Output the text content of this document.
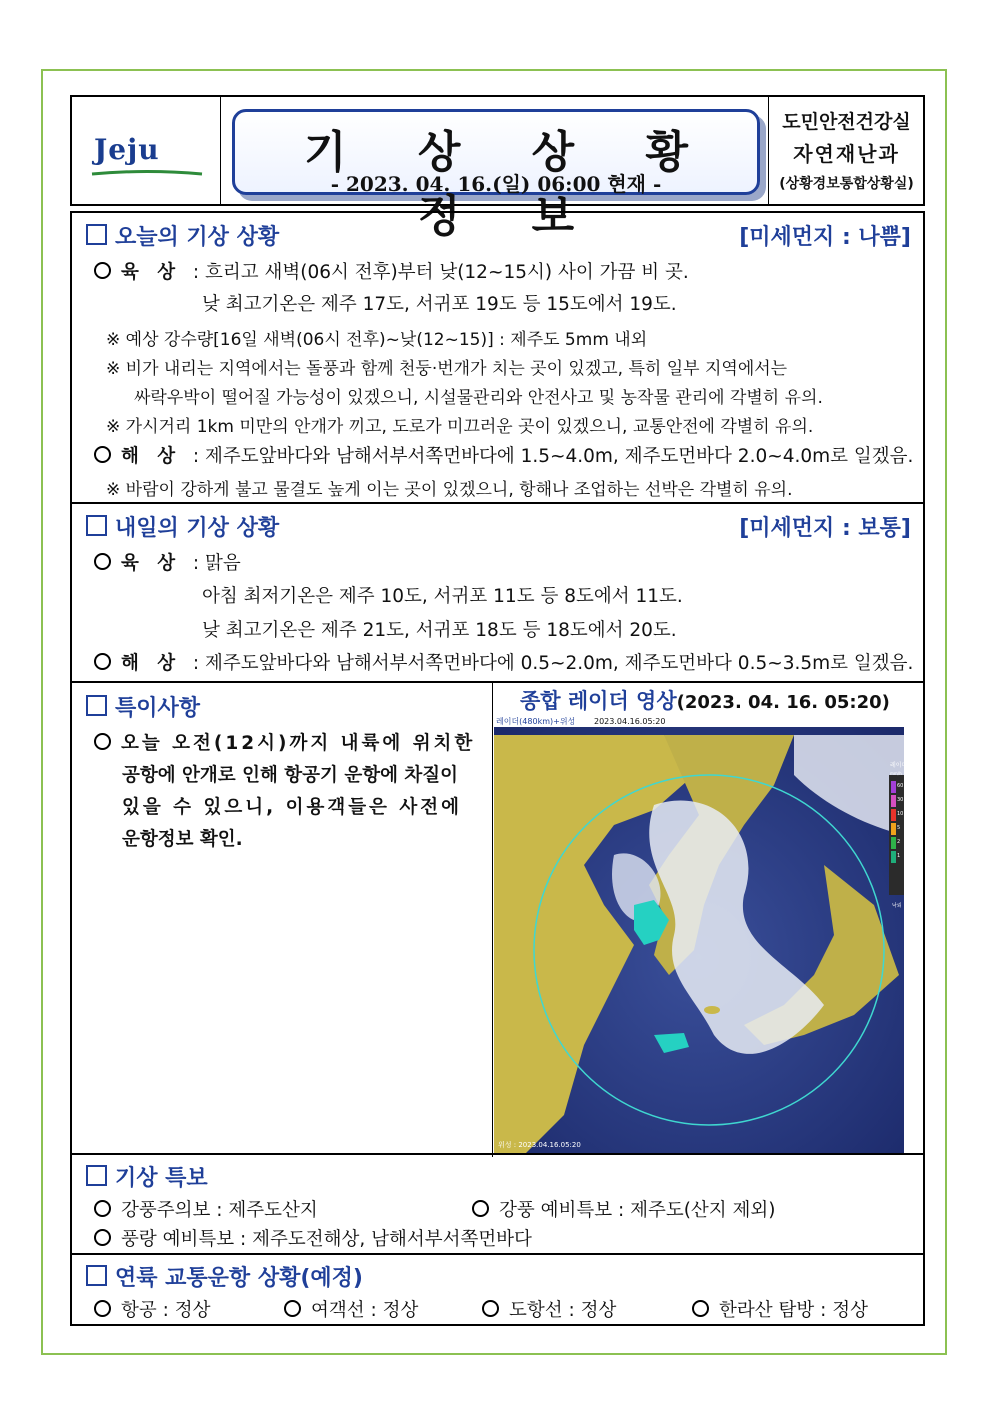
Jeju	기 상 상 황 정 보
- 2023. 04. 16.(일) 06:00 현재 -
도민안전건강실
자연재난과
(상황경보통합상황실)
오늘의 기상 상황	[미세먼지 : 나쁨]
육 상 : 흐리고 새벽(06시 전후)부터 낮(12~15시) 사이 가끔 비 곳.
낮 최고기온은 제주 17도, 서귀포 19도 등 15도에서 19도.
※ 예상 강수량[16일 새벽(06시 전후)~낮(12~15)] : 제주도 5mm 내외
※ 비가 내리는 지역에서는 돌풍과 함께 천둥·번개가 치는 곳이 있겠고, 특히 일부 지역에서는
싸락우박이 떨어질 가능성이 있겠으니, 시설물관리와 안전사고 및 농작물 관리에 각별히 유의.
※ 가시거리 1km 미만의 안개가 끼고, 도로가 미끄러운 곳이 있겠으니, 교통안전에 각별히 유의.
해 상 : 제주도앞바다와 남해서부서쪽먼바다에 1.5~4.0m, 제주도먼바다 2.0~4.0m로 일겠음.
※ 바람이 강하게 불고 물결도 높게 이는 곳이 있겠으니, 항해나 조업하는 선박은 각별히 유의.
내일의 기상 상황	[미세먼지 : 보통]
육 상 : 맑음
아침 최저기온은 제주 10도, 서귀포 11도 등 8도에서 11도.
낮 최고기온은 제주 21도, 서귀포 18도 등 18도에서 20도.
해 상 : 제주도앞바다와 남해서부서쪽먼바다에 0.5~2.0m, 제주도먼바다 0.5~3.5m로 일겠음.
특이사항
오늘 오전(12시)까지 내륙에 위치한
공항에 안개로 인해 항공기 운항에 차질이
있을 수 있으니, 이용객들은 사전에
운항정보 확인.
종합 레이더 영상(2023. 04. 16. 05:20)
레이더(480km)+위성 2023.04.16.05:20
위성 : 2023.04.16.05:20
레이더
60
30
10
5
2
1
mm/h
낙뢰
기상 특보
강풍주의보 : 제주도산지	강풍 예비특보 : 제주도(산지 제외)
풍랑 예비특보 : 제주도전해상, 남해서부서쪽먼바다
연륙 교통운항 상황(예정)
항공 : 정상	여객선 : 정상	도항선 : 정상	한라산 탐방 : 정상
